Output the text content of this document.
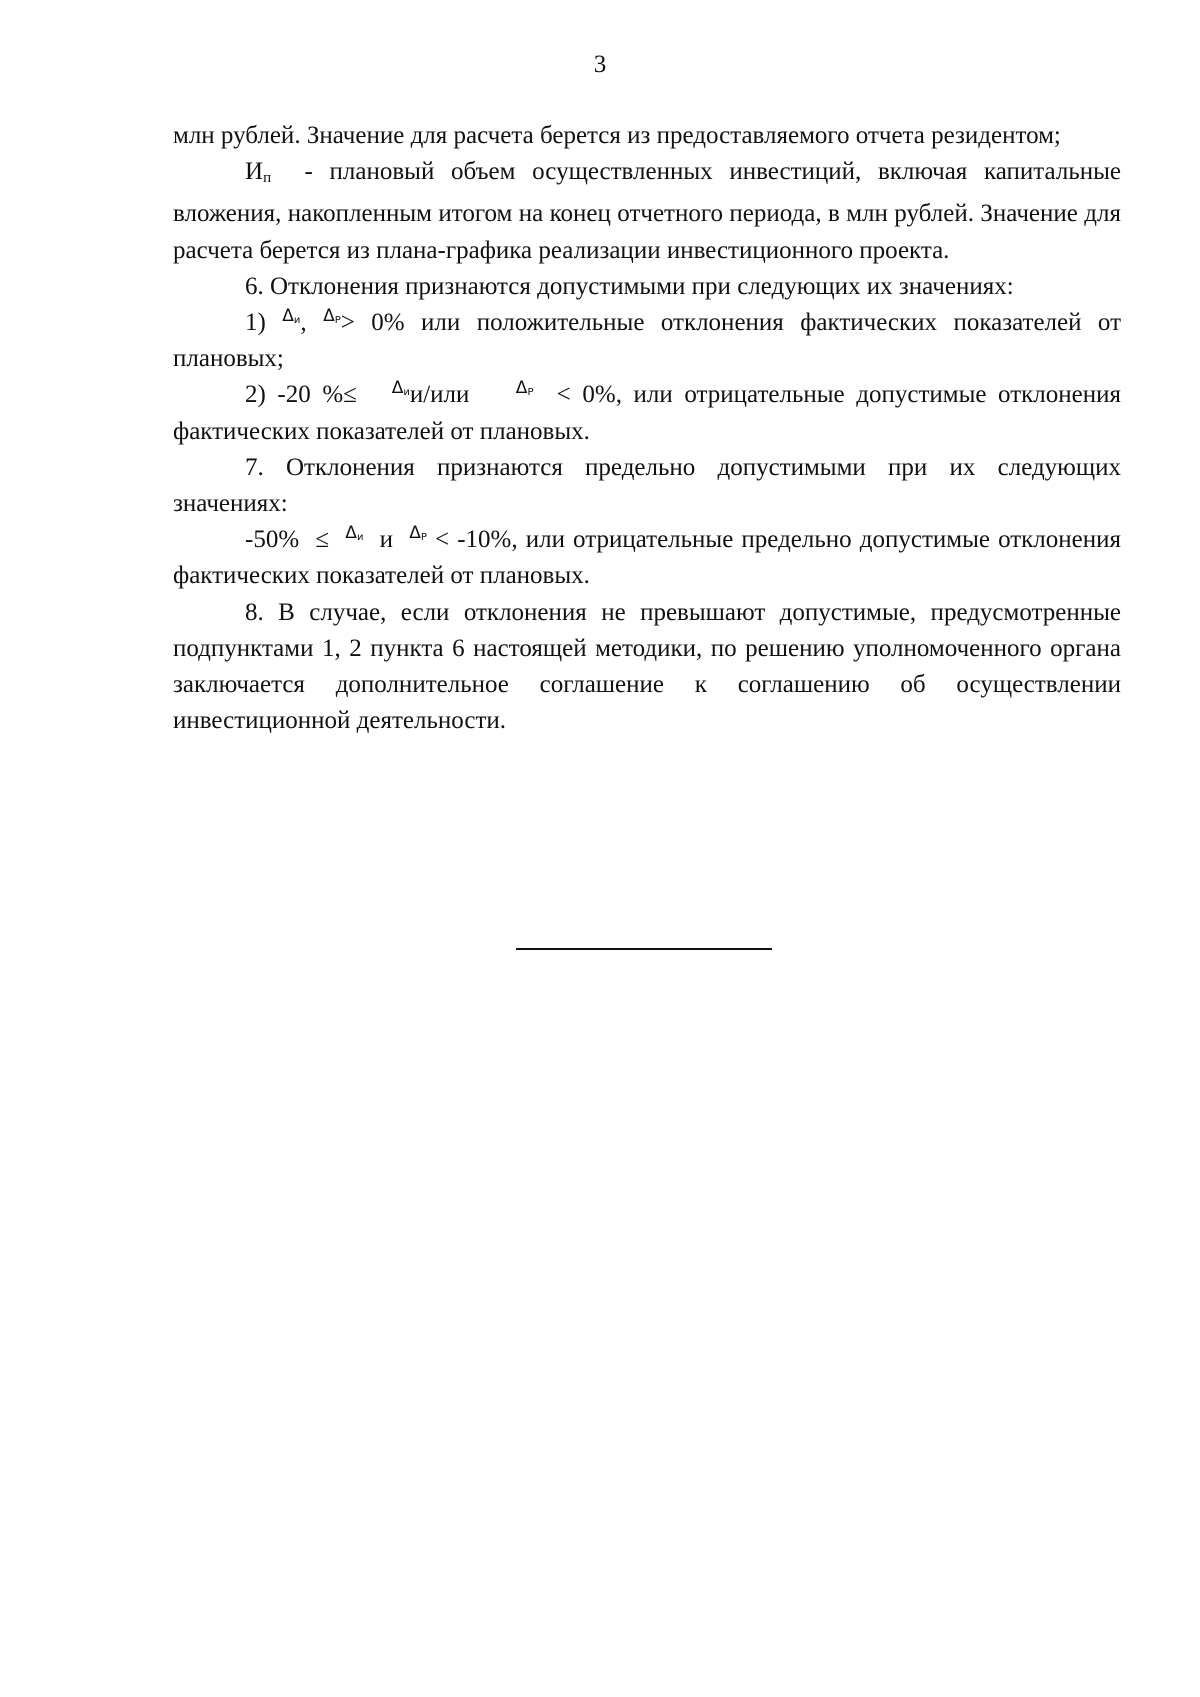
3

млн рублей. Значение для расчета берется из предоставляемого отчета резидентом;

$И_п$ - плановый объем осуществленных инвестиций, включая капитальные вложения, накопленным итогом на конец отчетного периода, в млн рублей. Значение для расчета берется из плана-графика реализации инвестиционного проекта.

6. Отклонения признаются допустимыми при следующих их значениях:

1) Δи, ΔР> 0% или положительные отклонения фактических показателей от плановых;

2) -20 %≤ Δии/или	ΔР < 0%, или отрицательные допустимые отклонения фактических показателей от плановых.

7. Отклонения признаются предельно допустимыми при их следующих значениях:

-50% ≤ Δи и ΔР < -10%, или отрицательные предельно допустимые отклонения фактических показателей от плановых.

8. В случае, если отклонения не превышают допустимые, предусмотренные подпунктами 1, 2 пункта 6 настоящей методики, по решению уполномоченного органа заключается дополнительное соглашение к соглашению об осуществлении инвестиционной деятельности.
